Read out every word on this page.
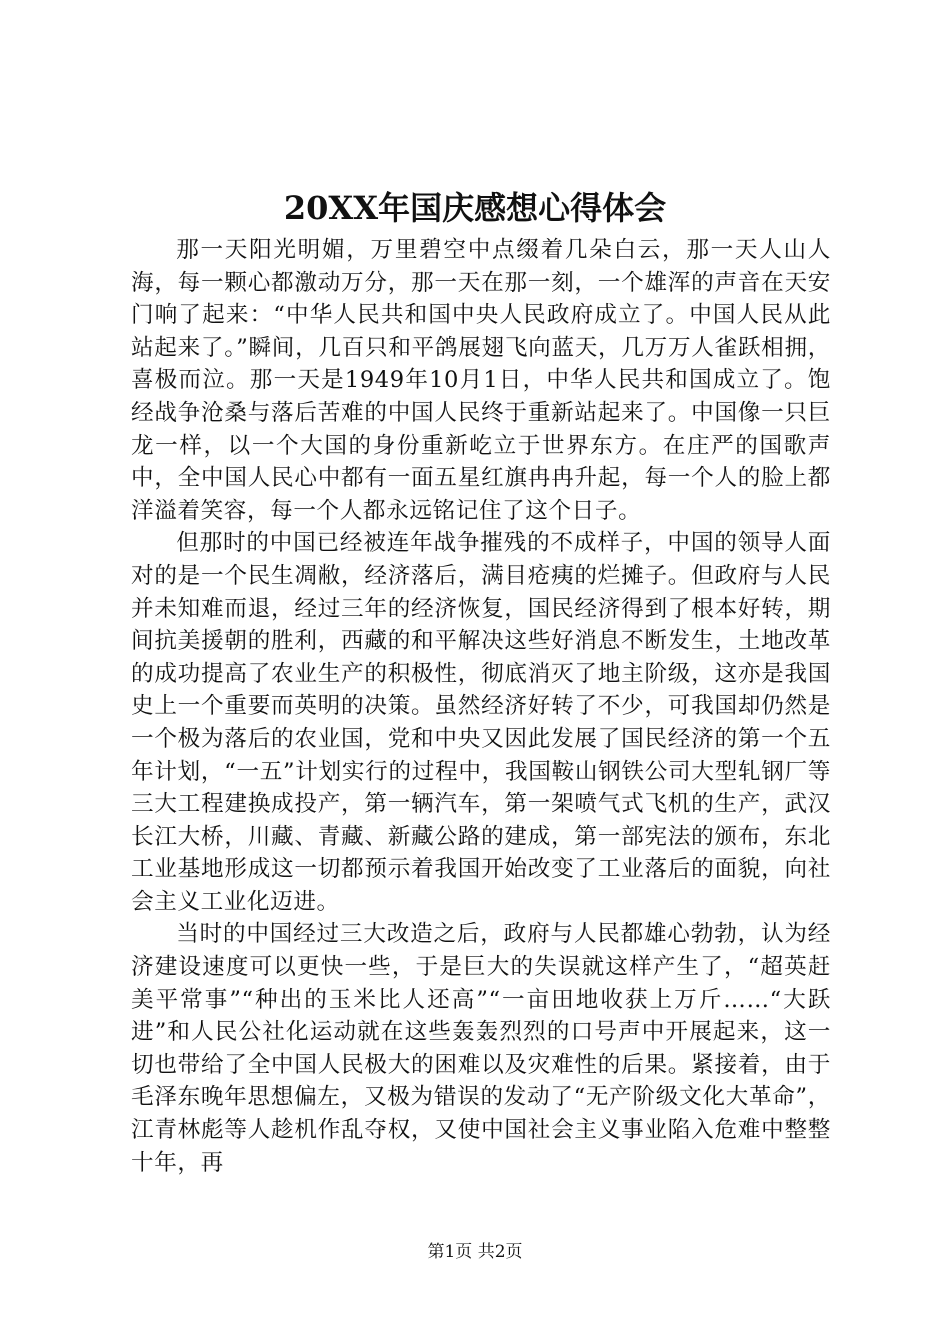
20XX年国庆感想心得体会

那一天阳光明媚，万里碧空中点缀着几朵白云，那一天人山人海，每一颗心都激动万分，那一天在那一刻，一个雄浑的声音在天安门响了起来：“中华人民共和国中央人民政府成立了。中国人民从此站起来了。”瞬间，几百只和平鸽展翅飞向蓝天，几万万人雀跃相拥，喜极而泣。那一天是1949年10月1日，中华人民共和国成立了。饱经战争沧桑与落后苦难的中国人民终于重新站起来了。中国像一只巨龙一样，以一个大国的身份重新屹立于世界东方。在庄严的国歌声中，全中国人民心中都有一面五星红旗冉冉升起，每一个人的脸上都洋溢着笑容，每一个人都永远铭记住了这个日子。

但那时的中国已经被连年战争摧残的不成样子，中国的领导人面对的是一个民生凋敝，经济落后，满目疮痍的烂摊子。但政府与人民并未知难而退，经过三年的经济恢复，国民经济得到了根本好转，期间抗美援朝的胜利，西藏的和平解决这些好消息不断发生，土地改革的成功提高了农业生产的积极性，彻底消灭了地主阶级，这亦是我国史上一个重要而英明的决策。虽然经济好转了不少，可我国却仍然是一个极为落后的农业国，党和中央又因此发展了国民经济的第一个五年计划，“一五”计划实行的过程中，我国鞍山钢铁公司大型轧钢厂等三大工程建换成投产，第一辆汽车，第一架喷气式飞机的生产，武汉长江大桥，川藏、青藏、新藏公路的建成，第一部宪法的颁布，东北工业基地形成这一切都预示着我国开始改变了工业落后的面貌，向社会主义工业化迈进。

当时的中国经过三大改造之后，政府与人民都雄心勃勃，认为经济建设速度可以更快一些，于是巨大的失误就这样产生了，“超英赶美平常事”“种出的玉米比人还高”“一亩田地收获上万斤……“大跃进”和人民公社化运动就在这些轰轰烈烈的口号声中开展起来，这一切也带给了全中国人民极大的困难以及灾难性的后果。紧接着，由于毛泽东晚年思想偏左，又极为错误的发动了“无产阶级文化大革命”，江青林彪等人趁机作乱夺权，又使中国社会主义事业陷入危难中整整十年，再

第1页 共2页
